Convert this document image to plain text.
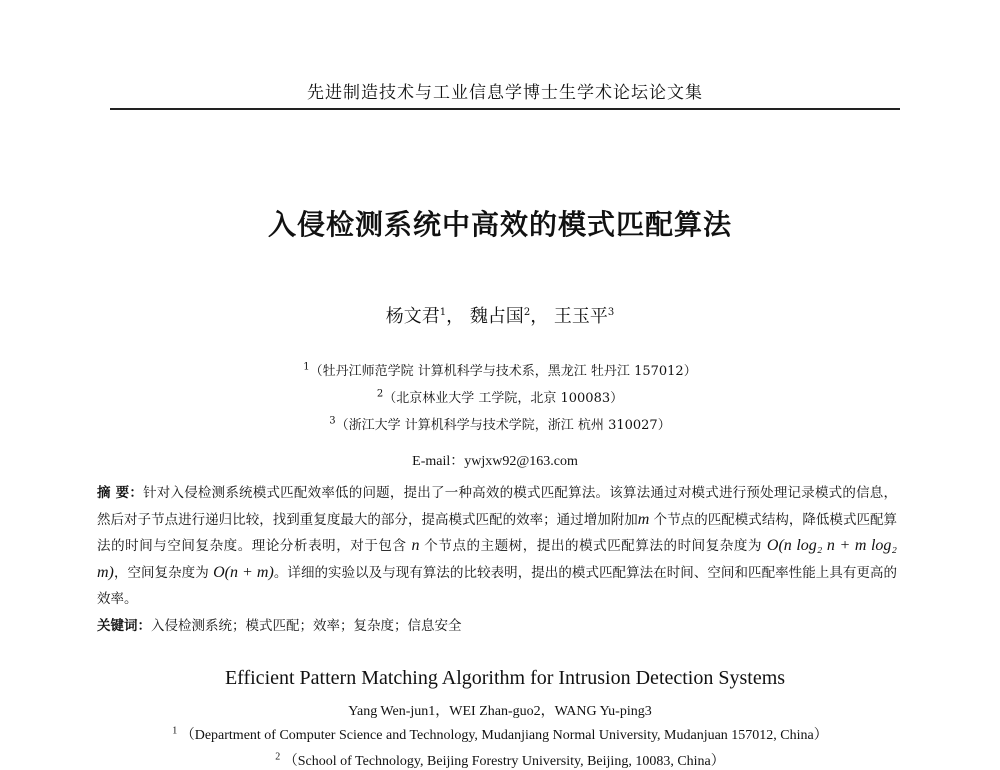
先进制造技术与工业信息学博士生学术论坛论文集
入侵检测系统中高效的模式匹配算法
杨文君$^1$， 魏占国$^2$， 王玉平$^3$
$^1$（牡丹江师范学院 计算机科学与技术系，黑龙江 牡丹江 157012）
$^2$（北京林业大学 工学院，北京 100083）
$^3$（浙江大学 计算机科学与技术学院，浙江 杭州 310027）
E-mail：ywjxw92@163.com
摘 要：针对入侵检测系统模式匹配效率低的问题，提出了一种高效的模式匹配算法。该算法通过对模式进行预处理记录模式的信息，然后对子节点进行递归比较，找到重复度最大的部分，提高模式匹配的效率；通过增加附加m 个节点的匹配模式结构，降低模式匹配算法的时间与空间复杂度。理论分析表明，对于包含 n 个节点的主题树，提出的模式匹配算法的时间复杂度为 O(n log₂ n + m log₂ m)，空间复杂度为 O(n + m)。详细的实验以及与现有算法的比较表明，提出的模式匹配算法在时间、空间和匹配率性能上具有更高的效率。
关键词：入侵检测系统；模式匹配；效率；复杂度；信息安全
Efficient Pattern Matching Algorithm for Intrusion Detection Systems
Yang Wen-jun1，WEI Zhan-guo2，WANG Yu-ping3
$^1$ （Department of Computer Science and Technology, Mudanjiang Normal University, Mudanjuan 157012, China）
$^2$ （School of Technology, Beijing Forestry University, Beijing, 10083, China）
